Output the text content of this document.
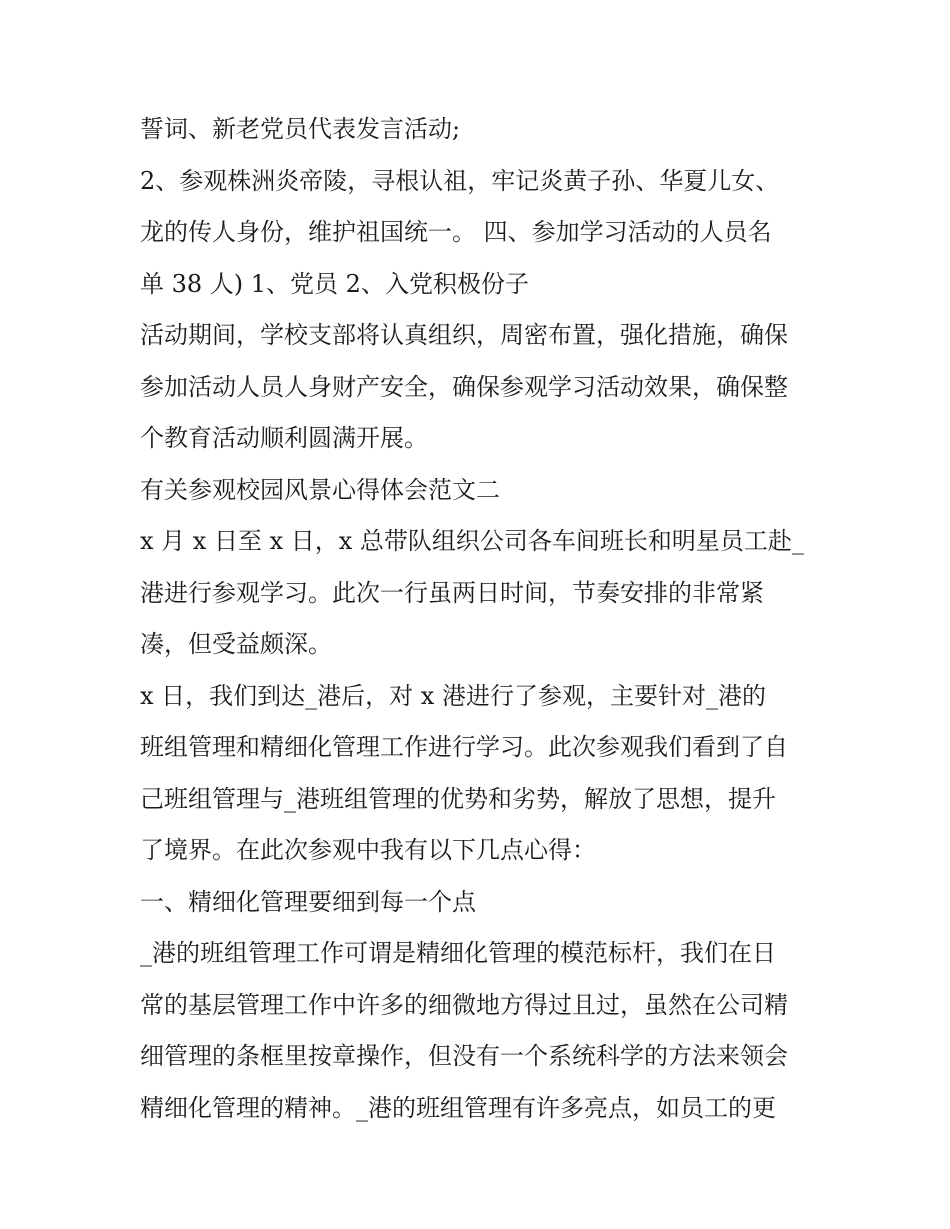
誓词、新老党员代表发言活动;

2、参观株洲炎帝陵，寻根认祖，牢记炎黄子孙、华夏儿女、

龙的传人身份，维护祖国统一。 四、参加学习活动的人员名

单 38 人) 1、党员 2、入党积极份子

活动期间，学校支部将认真组织，周密布置，强化措施，确保

参加活动人员人身财产安全，确保参观学习活动效果，确保整

个教育活动顺利圆满开展。

有关参观校园风景心得体会范文二

x 月 x 日至 x 日，x 总带队组织公司各车间班长和明星员工赴_

港进行参观学习。此次一行虽两日时间，节奏安排的非常紧

凑，但受益颇深。

x 日，我们到达_港后，对 x 港进行了参观，主要针对_港的

班组管理和精细化管理工作进行学习。此次参观我们看到了自

己班组管理与_港班组管理的优势和劣势，解放了思想，提升

了境界。在此次参观中我有以下几点心得：

一、精细化管理要细到每一个点

_港的班组管理工作可谓是精细化管理的模范标杆，我们在日

常的基层管理工作中许多的细微地方得过且过，虽然在公司精

细管理的条框里按章操作，但没有一个系统科学的方法来领会

精细化管理的精神。_港的班组管理有许多亮点，如员工的更
